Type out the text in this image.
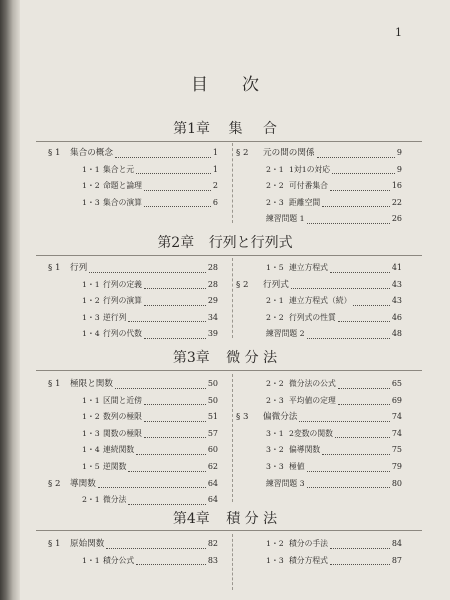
1
目 次
第1章 集 合
第2章 行列と行列式
第3章 微 分 法
第4章 積 分 法
§ 1	集合の概念	1
1・1 集合と元	1
1・2 命題と論理	2
1・3 集合の演算	6
§ 2	元の間の関係	9
2・1 1対1の対応	9
2・2 可付番集合	16
2・3 距離空間	22
練習問題 1	26
§ 1	行列	28
1・1 行列の定義	28
1・2 行列の演算	29
1・3 逆行列	34
1・4 行列の代数	39
1・5 連立方程式	41
§ 2	行列式	43
2・1 連立方程式（続）	43
2・2 行列式の性質	46
練習問題 2	48
§ 1	極限と関数	50
1・1 区間と近傍	50
1・2 数列の極限	51
1・3 関数の極限	57
1・4 連続関数	60
1・5 逆関数	62
§ 2	導関数	64
2・1 微分法	64
2・2 微分法の公式	65
2・3 平均値の定理	69
§ 3	偏微分法	74
3・1 2変数の関数	74
3・2 偏導関数	75
3・3 極値	79
練習問題 3	80
§ 1	原始関数	82
1・1 積分公式	83
1・2 積分の手法	84
1・3 積分方程式	87
